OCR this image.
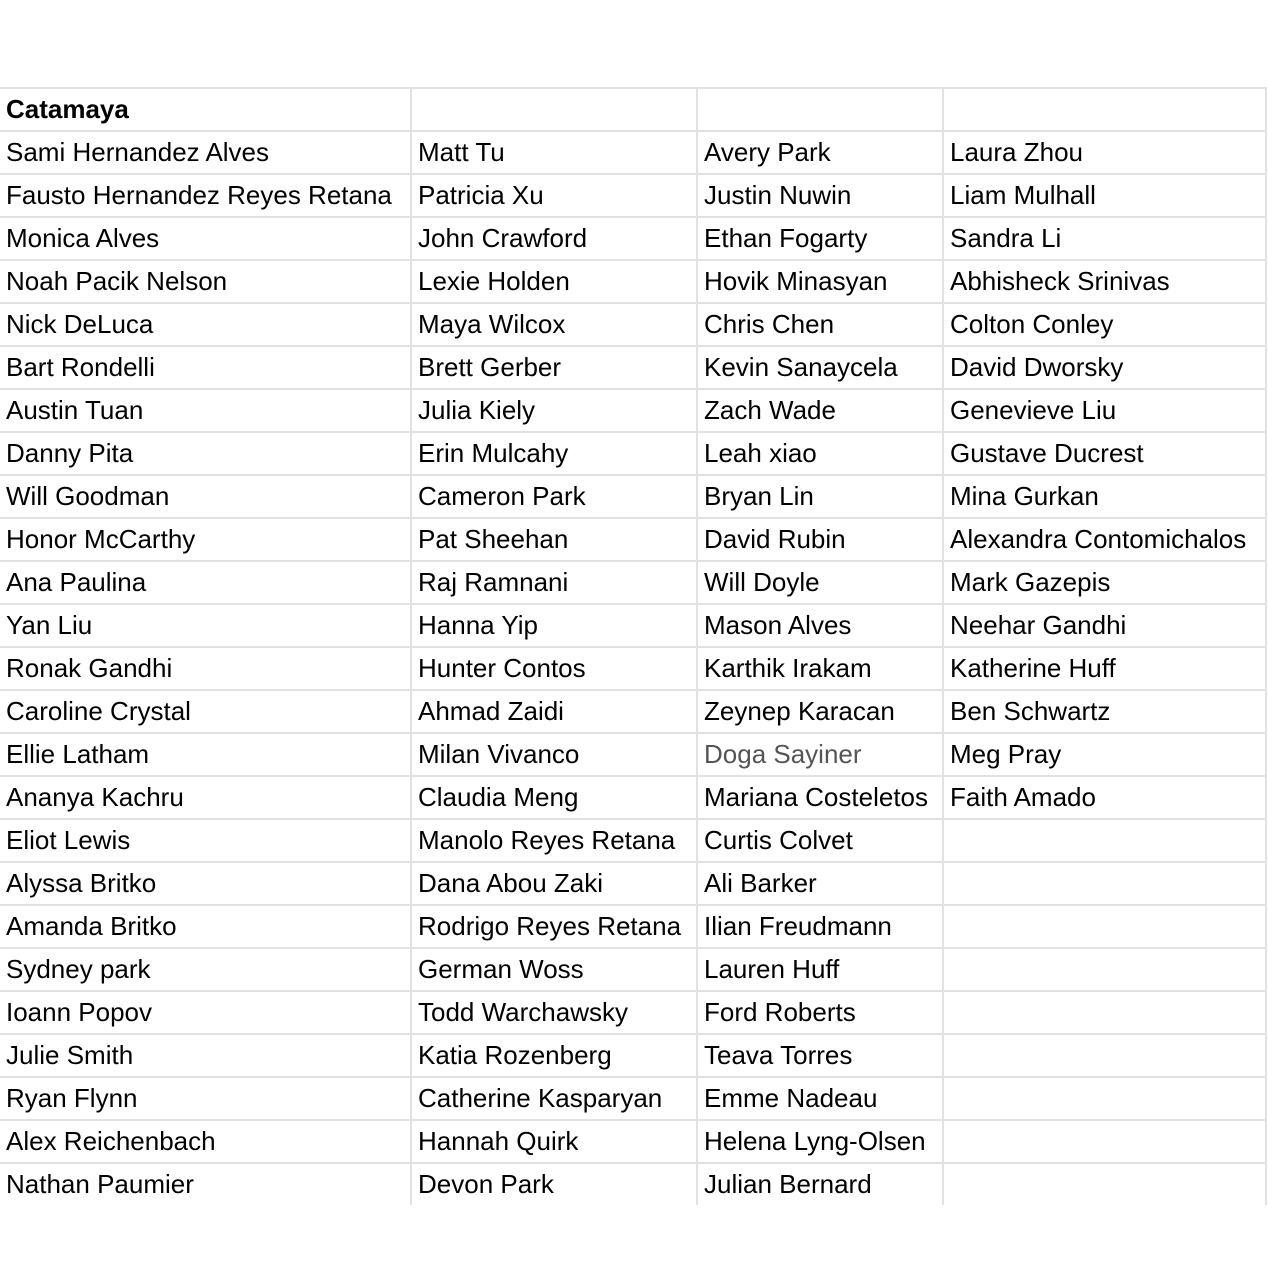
Catamaya			
Sami Hernandez Alves	Matt Tu	Avery Park	Laura Zhou
Fausto Hernandez Reyes Retana	Patricia Xu	Justin Nuwin	Liam Mulhall
Monica Alves	John Crawford	Ethan Fogarty	Sandra Li
Noah Pacik Nelson	Lexie Holden	Hovik Minasyan	Abhisheck Srinivas
Nick DeLuca	Maya Wilcox	Chris Chen	Colton Conley
Bart Rondelli	Brett Gerber	Kevin Sanaycela	David Dworsky
Austin Tuan	Julia Kiely	Zach Wade	Genevieve Liu
Danny Pita	Erin Mulcahy	Leah xiao	Gustave Ducrest
Will Goodman	Cameron Park	Bryan Lin	Mina Gurkan
Honor McCarthy	Pat Sheehan	David Rubin	Alexandra Contomichalos
Ana Paulina	Raj Ramnani	Will Doyle	Mark Gazepis
Yan Liu	Hanna Yip	Mason Alves	Neehar Gandhi
Ronak Gandhi	Hunter Contos	Karthik Irakam	Katherine Huff
Caroline Crystal	Ahmad Zaidi	Zeynep Karacan	Ben Schwartz
Ellie Latham	Milan Vivanco	Doga Sayiner	Meg Pray
Ananya Kachru	Claudia Meng	Mariana Costeletos	Faith Amado
Eliot Lewis	Manolo Reyes Retana	Curtis Colvet	
Alyssa Britko	Dana Abou Zaki	Ali Barker	
Amanda Britko	Rodrigo Reyes Retana	Ilian Freudmann	
Sydney park	German Woss	Lauren Huff	
Ioann Popov	Todd Warchawsky	Ford Roberts	
Julie Smith	Katia Rozenberg	Teava Torres	
Ryan Flynn	Catherine Kasparyan	Emme Nadeau	
Alex Reichenbach	Hannah Quirk	Helena Lyng-Olsen	
Nathan Paumier	Devon Park	Julian Bernard	
